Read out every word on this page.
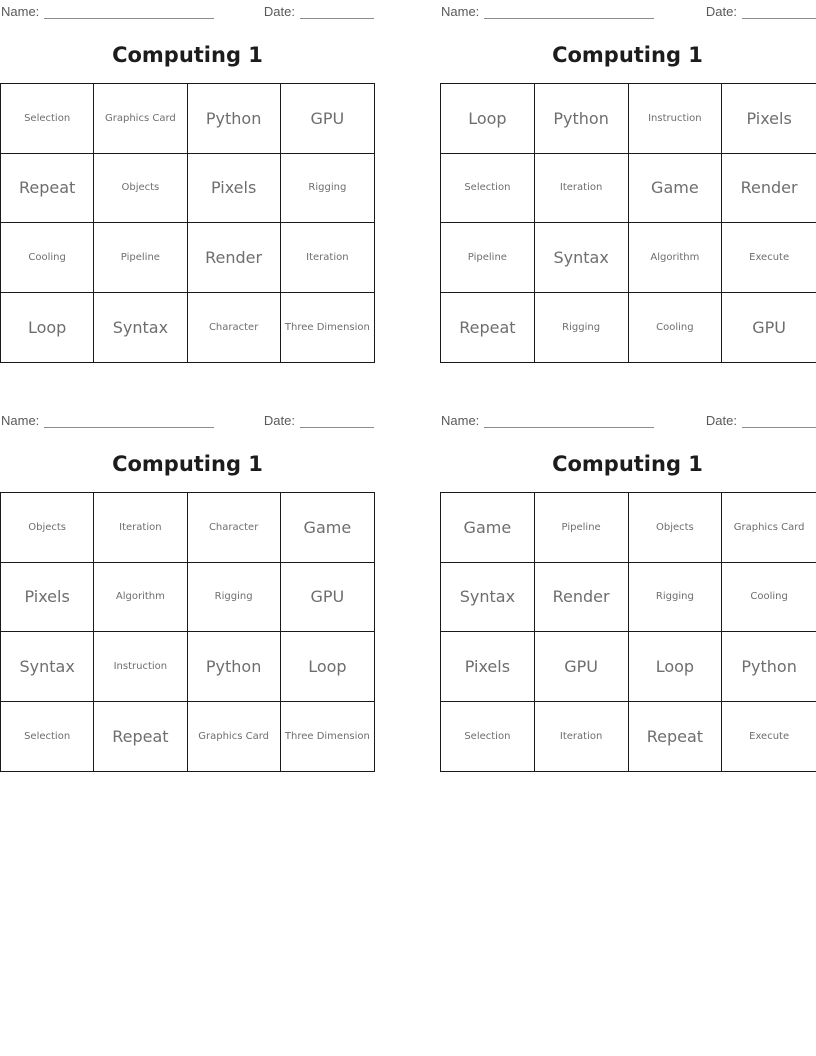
Name:	Date:
Computing 1
Selection	Graphics Card	Python	GPU
Repeat	Objects	Pixels	Rigging
Cooling	Pipeline	Render	Iteration
Loop	Syntax	Character	Three Dimension
Name:	Date:
Computing 1
Loop	Python	Instruction	Pixels
Selection	Iteration	Game	Render
Pipeline	Syntax	Algorithm	Execute
Repeat	Rigging	Cooling	GPU
Name:	Date:
Computing 1
Objects	Iteration	Character	Game
Pixels	Algorithm	Rigging	GPU
Syntax	Instruction	Python	Loop
Selection	Repeat	Graphics Card	Three Dimension
Name:	Date:
Computing 1
Game	Pipeline	Objects	Graphics Card
Syntax	Render	Rigging	Cooling
Pixels	GPU	Loop	Python
Selection	Iteration	Repeat	Execute
